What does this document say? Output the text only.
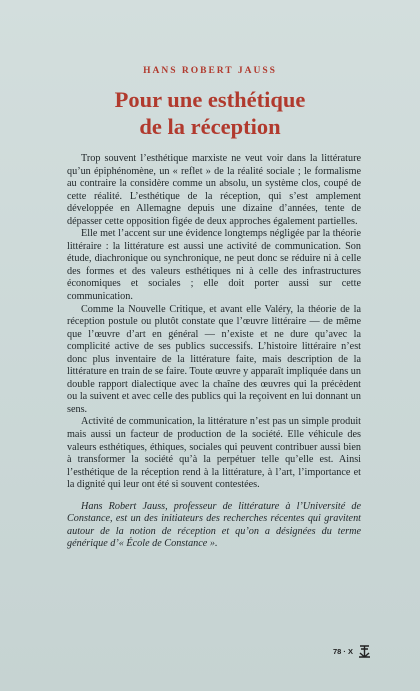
HANS ROBERT JAUSS
Pour une esthétique
de la réception

Trop souvent l’esthétique marxiste ne veut voir dans la littérature qu’un épiphénomène, un « reflet » de la réalité sociale ; le formalisme au contraire la considère comme un absolu, un système clos, coupé de cette réalité. L’esthétique de la réception, qui s’est amplement développée en Allemagne depuis une dizaine d’années, tente de dépasser cette opposition figée de deux approches également partielles.

Elle met l’accent sur une évidence longtemps négligée par la théorie littéraire : la littérature est aussi une activité de communication. Son étude, diachronique ou synchronique, ne peut donc se réduire ni à celle des formes et des valeurs esthétiques ni à celle des infrastructures économiques et sociales ; elle doit porter aussi sur cette communication.

Comme la Nouvelle Critique, et avant elle Valéry, la théorie de la réception postule ou plutôt constate que l’œuvre littéraire — de même que l’œuvre d’art en général — n’existe et ne dure qu’avec la complicité active de ses publics successifs. L’histoire littéraire n’est donc plus inventaire de la littérature faite, mais description de la littérature en train de se faire. Toute œuvre y apparaît impliquée dans un double rapport dialectique avec la chaîne des œuvres qui la précèdent ou la suivent et avec celle des publics qui la reçoivent en lui donnant un sens.

Activité de communication, la littérature n’est pas un simple produit mais aussi un facteur de production de la société. Elle véhicule des valeurs esthétiques, éthiques, sociales qui peuvent contribuer aussi bien à transformer la société qu’à la perpétuer telle qu’elle est. Ainsi l’esthétique de la réception rend à la littérature, à l’art, l’importance et la dignité qui leur ont été si souvent contestées.

Hans Robert Jauss, professeur de littérature à l’Université de Constance, est un des initiateurs des recherches récentes qui gravitent autour de la notion de réception et qu’on a désignées du terme générique d’« École de Constance ».

78 · X
